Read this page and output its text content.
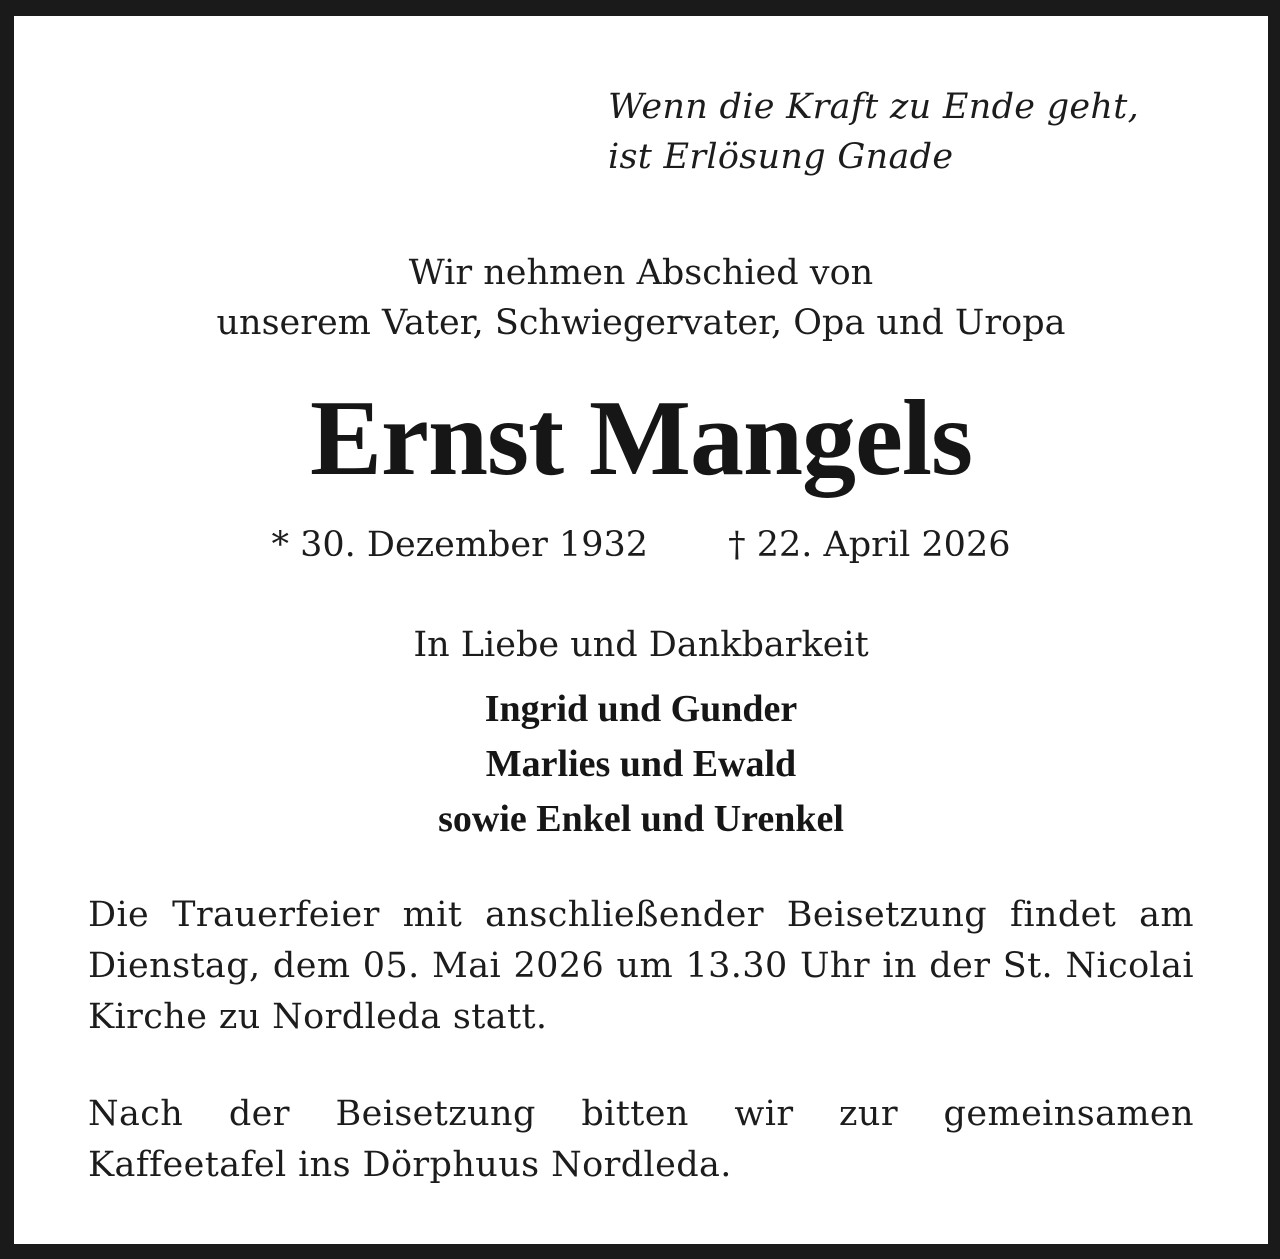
Wenn die Kraft zu Ende geht,
ist Erlösung Gnade
Wir nehmen Abschied von
unserem Vater, Schwiegervater, Opa und Uropa
Ernst Mangels
* 30. Dezember 1932 † 22. April 2026
In Liebe und Dankbarkeit
Ingrid und Gunder
Marlies und Ewald
sowie Enkel und Urenkel
Die Trauerfeier mit anschließender Beisetzung findet am Dienstag, dem 05. Mai 2026 um 13.30 Uhr in der St. Nicolai Kirche zu Nordleda statt.
Nach der Beisetzung bitten wir zur gemeinsamen Kaffeetafel ins Dörphuus Nordleda.
